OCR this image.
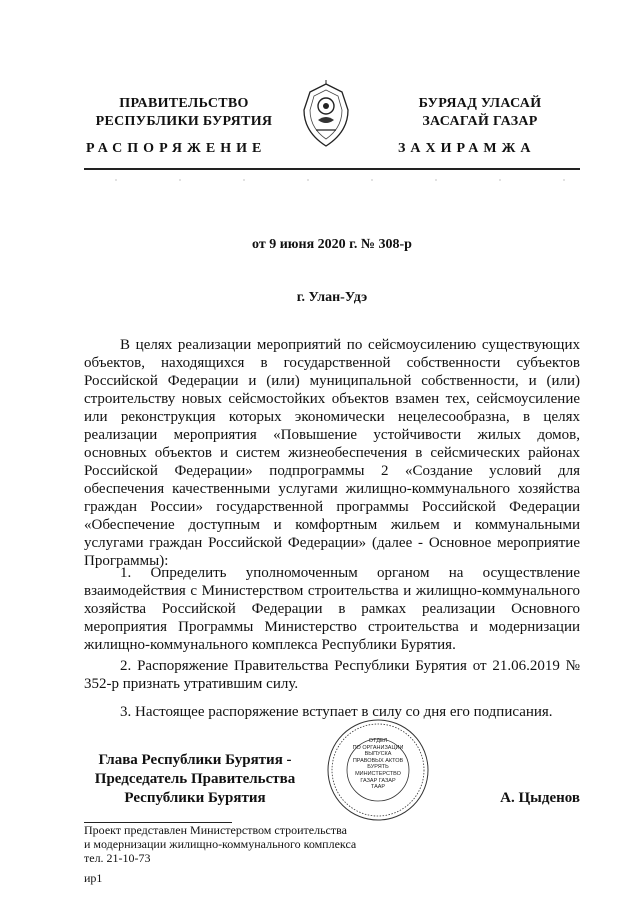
ПРАВИТЕЛЬСТВО
РЕСПУБЛИКИ БУРЯТИЯ
РАСПОРЯЖЕНИЕ
БУРЯАД УЛАСАЙ
ЗАСАГАЙ ГАЗАР
ЗАХИРАМЖА
от 9 июня 2020 г. № 308-р
г. Улан-Удэ
В целях реализации мероприятий по сейсмоусилению существующих объектов, находящихся в государственной собственности субъектов Российской Федерации и (или) муниципальной собственности, и (или) строительству новых сейсмостойких объектов взамен тех, сейсмоусиление или реконструкция которых экономически нецелесообразна, в целях реализации мероприятия «Повышение устойчивости жилых домов, основных объектов и систем жизнеобеспечения в сейсмических районах Российской Федерации» подпрограммы 2 «Создание условий для обеспечения качественными услугами жилищно-коммунального хозяйства граждан России» государственной программы Российской Федерации «Обеспечение доступным и комфортным жильем и коммунальными услугами граждан Российской Федерации» (далее - Основное мероприятие Программы):
1. Определить уполномоченным органом на осуществление взаимодействия с Министерством строительства и жилищно-коммунального хозяйства Российской Федерации в рамках реализации Основного мероприятия Программы Министерство строительства и модернизации жилищно-коммунального комплекса Республики Бурятия.
2. Распоряжение Правительства Республики Бурятия от 21.06.2019 № 352-р признать утратившим силу.
3. Настоящее распоряжение вступает в силу со дня его подписания.
Глава Республики Бурятия -
Председатель Правительства
Республики Бурятия
ОТДЕЛ
ПО ОРГАНИЗАЦИИ
ВЫПУСКА
ПРАВОВЫХ АКТОВ
БУРЯТЬ
МИНИСТЕРСТВО
ГАЗАР ГАЗАР
ТААР
А. Цыденов
Проект представлен Министерством строительства
и модернизации жилищно-коммунального комплекса
тел. 21-10-73
ир1
